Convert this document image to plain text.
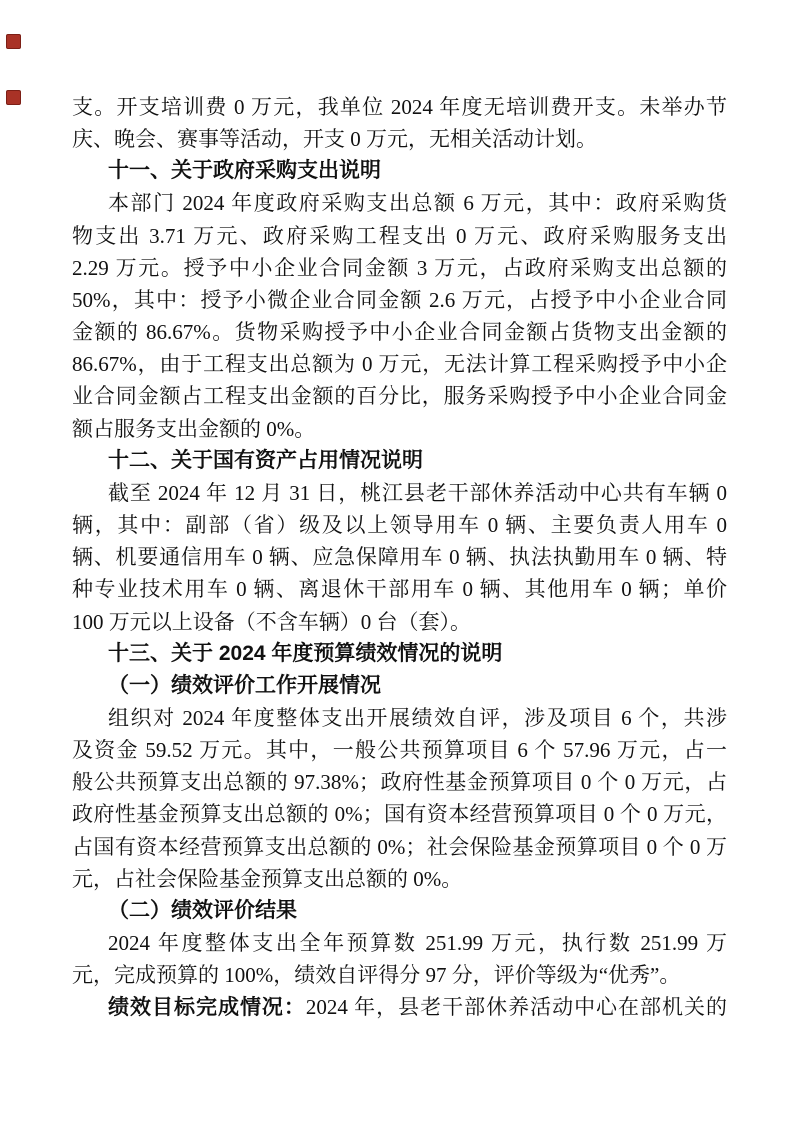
支。开支培训费 0 万元，我单位 2024 年度无培训费开支。未举办节
庆、晚会、赛事等活动，开支 0 万元，无相关活动计划。
十一、关于政府采购支出说明
本部门 2024 年度政府采购支出总额 6 万元，其中：政府采购货
物支出 3.71 万元、政府采购工程支出 0 万元、政府采购服务支出
2.29 万元。授予中小企业合同金额 3 万元，占政府采购支出总额的
50%，其中：授予小微企业合同金额 2.6 万元，占授予中小企业合同
金额的 86.67%。货物采购授予中小企业合同金额占货物支出金额的
86.67%，由于工程支出总额为 0 万元，无法计算工程采购授予中小企
业合同金额占工程支出金额的百分比，服务采购授予中小企业合同金
额占服务支出金额的 0%。
十二、关于国有资产占用情况说明
截至 2024 年 12 月 31 日，桃江县老干部休养活动中心共有车辆 0
辆，其中：副部（省）级及以上领导用车 0 辆、主要负责人用车 0
辆、机要通信用车 0 辆、应急保障用车 0 辆、执法执勤用车 0 辆、特
种专业技术用车 0 辆、离退休干部用车 0 辆、其他用车 0 辆；单价
100 万元以上设备（不含车辆）0 台（套）。
十三、关于 2024 年度预算绩效情况的说明
（一）绩效评价工作开展情况
组织对 2024 年度整体支出开展绩效自评，涉及项目 6 个，共涉
及资金 59.52 万元。其中，一般公共预算项目 6 个 57.96 万元，占一
般公共预算支出总额的 97.38%；政府性基金预算项目 0 个 0 万元，占
政府性基金预算支出总额的 0%；国有资本经营预算项目 0 个 0 万元，
占国有资本经营预算支出总额的 0%；社会保险基金预算项目 0 个 0 万
元，占社会保险基金预算支出总额的 0%。
（二）绩效评价结果
2024 年度整体支出全年预算数 251.99 万元，执行数 251.99 万
元，完成预算的 100%，绩效自评得分 97 分，评价等级为“优秀”。
绩效目标完成情况：2024 年，县老干部休养活动中心在部机关的
